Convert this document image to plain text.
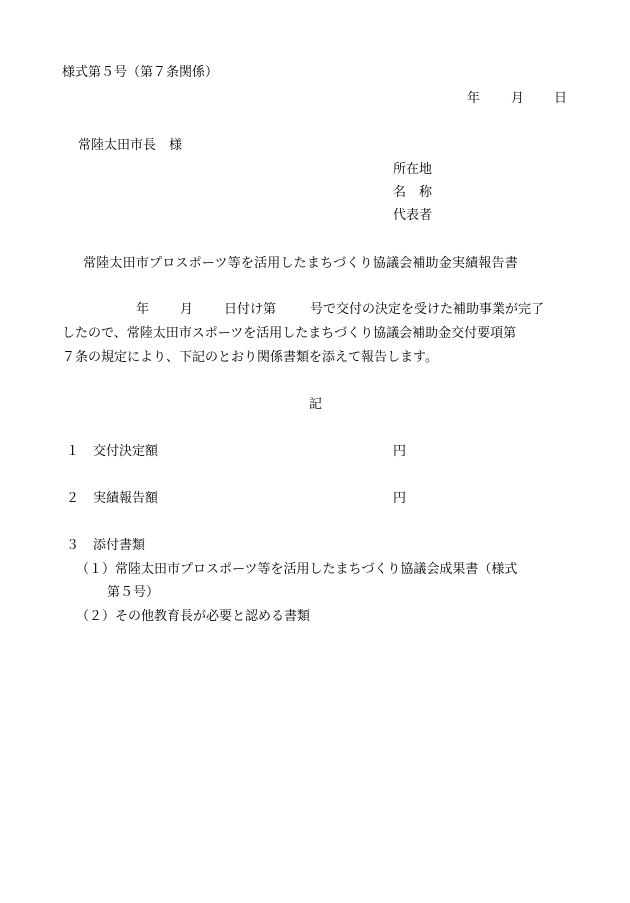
様式第５号（第７条関係）
年 月 日
常陸太田市長　様
所在地
名　称
代表者
常陸太田市プロスポーツ等を活用したまちづくり協議会補助金実績報告書
年 月 日付け第	号で交付の決定を受けた補助事業が完了
したので、常陸太田市スポーツを活用したまちづくり協議会補助金交付要項第
７条の規定により、下記のとおり関係書類を添えて報告します。
記
１ 交付決定額	円
２ 実績報告額	円
３ 添付書類
（１） 常陸太田市プロスポーツ等を活用したまちづくり協議会成果書（様式
第５号）
（２） その他教育長が必要と認める書類
